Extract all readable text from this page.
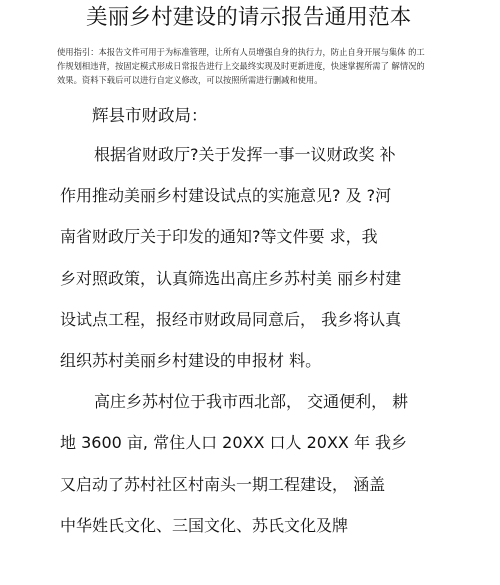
美丽乡村建设的请示报告通用范本
使用指引：本报告文件可用于为标准管理，让所有人员增强自身的执行力，防止自身开展与集体 的工
作规划相违背，按固定模式形成日常报告进行上交最终实现及时更新进度，快速掌握所需了 解情况的
效果。资料下载后可以进行自定义修改，可以按照所需进行删减和使用。
辉县市财政局：
根据省财政厅?关于发挥一事一议财政奖 补
作用推动美丽乡村建设试点的实施意见? 及 ?河
南省财政厅关于印发的通知?等文件要 求，我
乡对照政策，认真筛选出高庄乡苏村美 丽乡村建
设试点工程，报经市财政局同意后， 我乡将认真
组织苏村美丽乡村建设的申报材 料。
高庄乡苏村位于我市西北部， 交通便利， 耕
地 3600 亩, 常住人口 20XX 口人 20XX 年 我乡
又启动了苏村社区村南头一期工程建设， 涵盖
中华姓氏文化、三国文化、苏氏文化及牌
